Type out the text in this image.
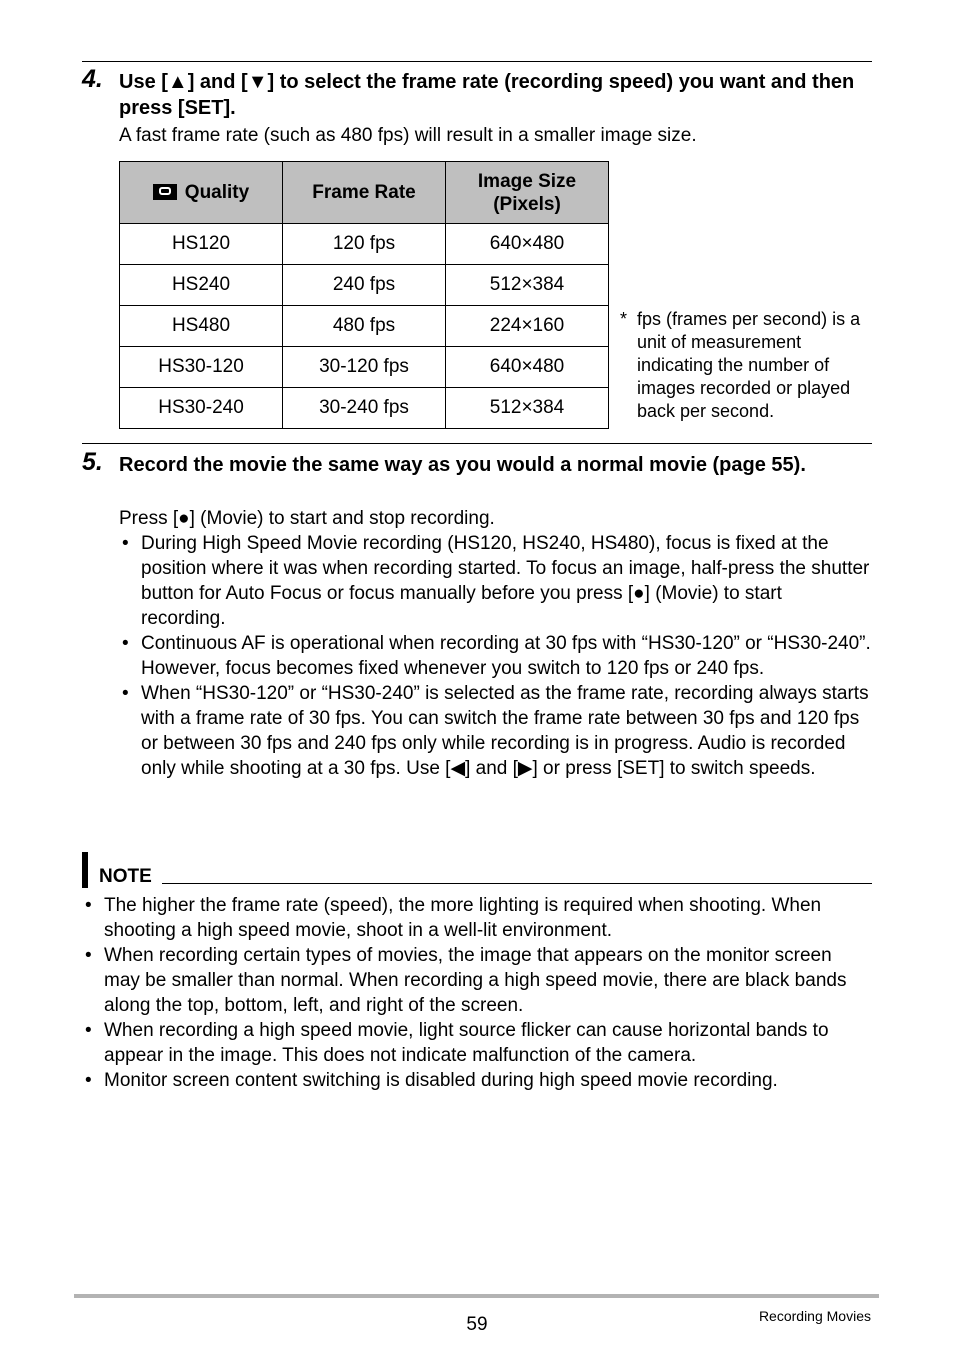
4. Use [▲] and [▼] to select the frame rate (recording speed) you want and then press [SET].
A fast frame rate (such as 480 fps) will result in a smaller image size.
Quality	Frame Rate	Image Size (Pixels)
HS120	120 fps	640×480
HS240	240 fps	512×384
HS480	480 fps	224×160
HS30-120	30-120 fps	640×480
HS30-240	30-240 fps	512×384
* fps (frames per second) is a unit of measurement indicating the number of images recorded or played back per second.
5. Record the movie the same way as you would a normal movie (page 55).
Press [●] (Movie) to start and stop recording.
• During High Speed Movie recording (HS120, HS240, HS480), focus is fixed at the position where it was when recording started. To focus an image, half-press the shutter button for Auto Focus or focus manually before you press [●] (Movie) to start recording.
• Continuous AF is operational when recording at 30 fps with “HS30-120” or “HS30-240”. However, focus becomes fixed whenever you switch to 120 fps or 240 fps.
• When “HS30-120” or “HS30-240” is selected as the frame rate, recording always starts with a frame rate of 30 fps. You can switch the frame rate between 30 fps and 120 fps or between 30 fps and 240 fps only while recording is in progress. Audio is recorded only while shooting at a 30 fps. Use [◀] and [▶] or press [SET] to switch speeds.
NOTE
• The higher the frame rate (speed), the more lighting is required when shooting. When shooting a high speed movie, shoot in a well-lit environment.
• When recording certain types of movies, the image that appears on the monitor screen may be smaller than normal. When recording a high speed movie, there are black bands along the top, bottom, left, and right of the screen.
• When recording a high speed movie, light source flicker can cause horizontal bands to appear in the image. This does not indicate malfunction of the camera.
• Monitor screen content switching is disabled during high speed movie recording.
59	Recording Movies
